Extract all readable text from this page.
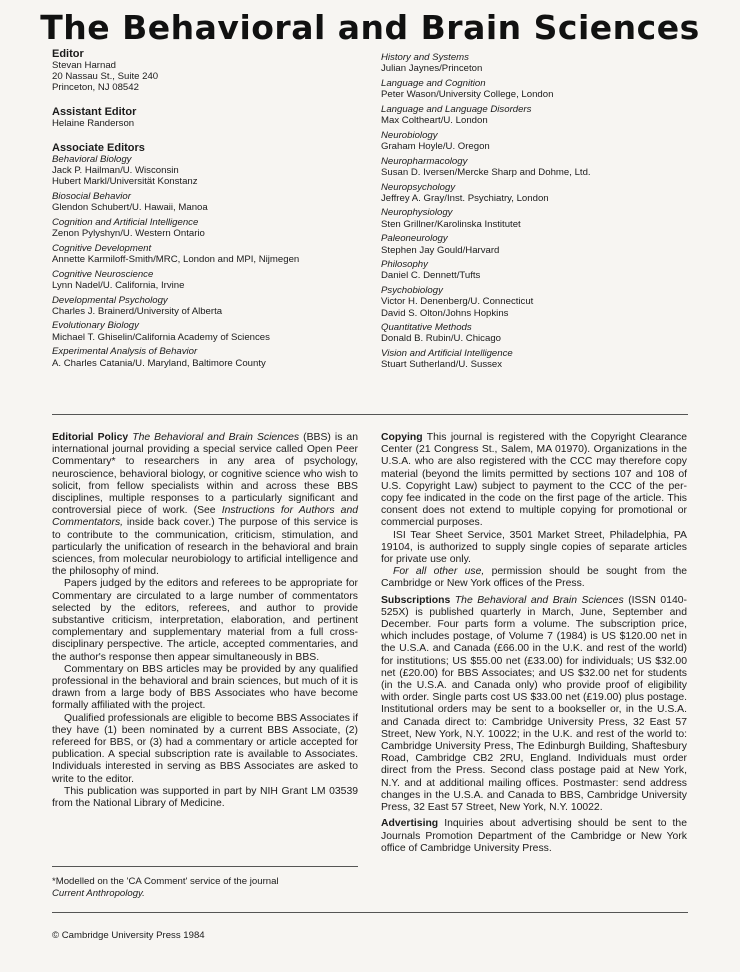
The Behavioral and Brain Sciences
Editor
Stevan Harnad
20 Nassau St., Suite 240
Princeton, NJ 08542
Assistant Editor
Helaine Randerson
Associate Editors
Behavioral Biology
Jack P. Hailman/U. Wisconsin
Hubert Markl/Universität Konstanz
Biosocial Behavior
Glendon Schubert/U. Hawaii, Manoa
Cognition and Artificial Intelligence
Zenon Pylyshyn/U. Western Ontario
Cognitive Development
Annette Karmiloff-Smith/MRC, London and MPI, Nijmegen
Cognitive Neuroscience
Lynn Nadel/U. California, Irvine
Developmental Psychology
Charles J. Brainerd/University of Alberta
Evolutionary Biology
Michael T. Ghiselin/California Academy of Sciences
Experimental Analysis of Behavior
A. Charles Catania/U. Maryland, Baltimore County
History and Systems
Julian Jaynes/Princeton
Language and Cognition
Peter Wason/University College, London
Language and Language Disorders
Max Coltheart/U. London
Neurobiology
Graham Hoyle/U. Oregon
Neuropharmacology
Susan D. Iversen/Mercke Sharp and Dohme, Ltd.
Neuropsychology
Jeffrey A. Gray/Inst. Psychiatry, London
Neurophysiology
Sten Grillner/Karolinska Institutet
Paleoneurology
Stephen Jay Gould/Harvard
Philosophy
Daniel C. Dennett/Tufts
Psychobiology
Victor H. Denenberg/U. Connecticut
David S. Olton/Johns Hopkins
Quantitative Methods
Donald B. Rubin/U. Chicago
Vision and Artificial Intelligence
Stuart Sutherland/U. Sussex

Editorial Policy The Behavioral and Brain Sciences (BBS) is an international journal providing a special service called Open Peer Commentary* to researchers in any area of psychology, neuroscience, behavioral biology, or cognitive science who wish to solicit, from fellow specialists within and across these BBS disciplines, multiple responses to a particularly significant and controversial piece of work. (See Instructions for Authors and Commentators, inside back cover.) The purpose of this service is to contribute to the communication, criticism, stimulation, and particularly the unification of research in the behavioral and brain sciences, from molecular neurobiology to artificial intelligence and the philosophy of mind.

Papers judged by the editors and referees to be appropriate for Commentary are circulated to a large number of commentators selected by the editors, referees, and author to provide substantive criticism, interpretation, elaboration, and pertinent complementary and supplementary material from a full cross-disciplinary perspective. The article, accepted commentaries, and the author's response then appear simultaneously in BBS.

Commentary on BBS articles may be provided by any qualified professional in the behavioral and brain sciences, but much of it is drawn from a large body of BBS Associates who have become formally affiliated with the project.

Qualified professionals are eligible to become BBS Associates if they have (1) been nominated by a current BBS Associate, (2) refereed for BBS, or (3) had a commentary or article accepted for publication. A special subscription rate is available to Associates. Individuals interested in serving as BBS Associates are asked to write to the editor.

This publication was supported in part by NIH Grant LM 03539 from the National Library of Medicine.

*Modelled on the 'CA Comment' service of the journal
Current Anthropology.

Copying This journal is registered with the Copyright Clearance Center (21 Congress St., Salem, MA 01970). Organizations in the U.S.A. who are also registered with the CCC may therefore copy material (beyond the limits permitted by sections 107 and 108 of U.S. Copyright Law) subject to payment to the CCC of the per-copy fee indicated in the code on the first page of the article. This consent does not extend to multiple copying for promotional or commercial purposes.

ISI Tear Sheet Service, 3501 Market Street, Philadelphia, PA 19104, is authorized to supply single copies of separate articles for private use only.

For all other use, permission should be sought from the Cambridge or New York offices of the Press.

Subscriptions The Behavioral and Brain Sciences (ISSN 0140-525X) is published quarterly in March, June, September and December. Four parts form a volume. The subscription price, which includes postage, of Volume 7 (1984) is US $120.00 net in the U.S.A. and Canada (£66.00 in the U.K. and rest of the world) for institutions; US $55.00 net (£33.00) for individuals; US $32.00 net (£20.00) for BBS Associates; and US $32.00 net for students (in the U.S.A. and Canada only) who provide proof of eligibility with order. Single parts cost US $33.00 net (£19.00) plus postage. Institutional orders may be sent to a bookseller or, in the U.S.A. and Canada direct to: Cambridge University Press, 32 East 57 Street, New York, N.Y. 10022; in the U.K. and rest of the world to: Cambridge University Press, The Edinburgh Building, Shaftesbury Road, Cambridge CB2 2RU, England. Individuals must order direct from the Press. Second class postage paid at New York, N.Y. and at additional mailing offices. Postmaster: send address changes in the U.S.A. and Canada to BBS, Cambridge University Press, 32 East 57 Street, New York, N.Y. 10022.

Advertising Inquiries about advertising should be sent to the Journals Promotion Department of the Cambridge or New York office of Cambridge University Press.

© Cambridge University Press 1984
